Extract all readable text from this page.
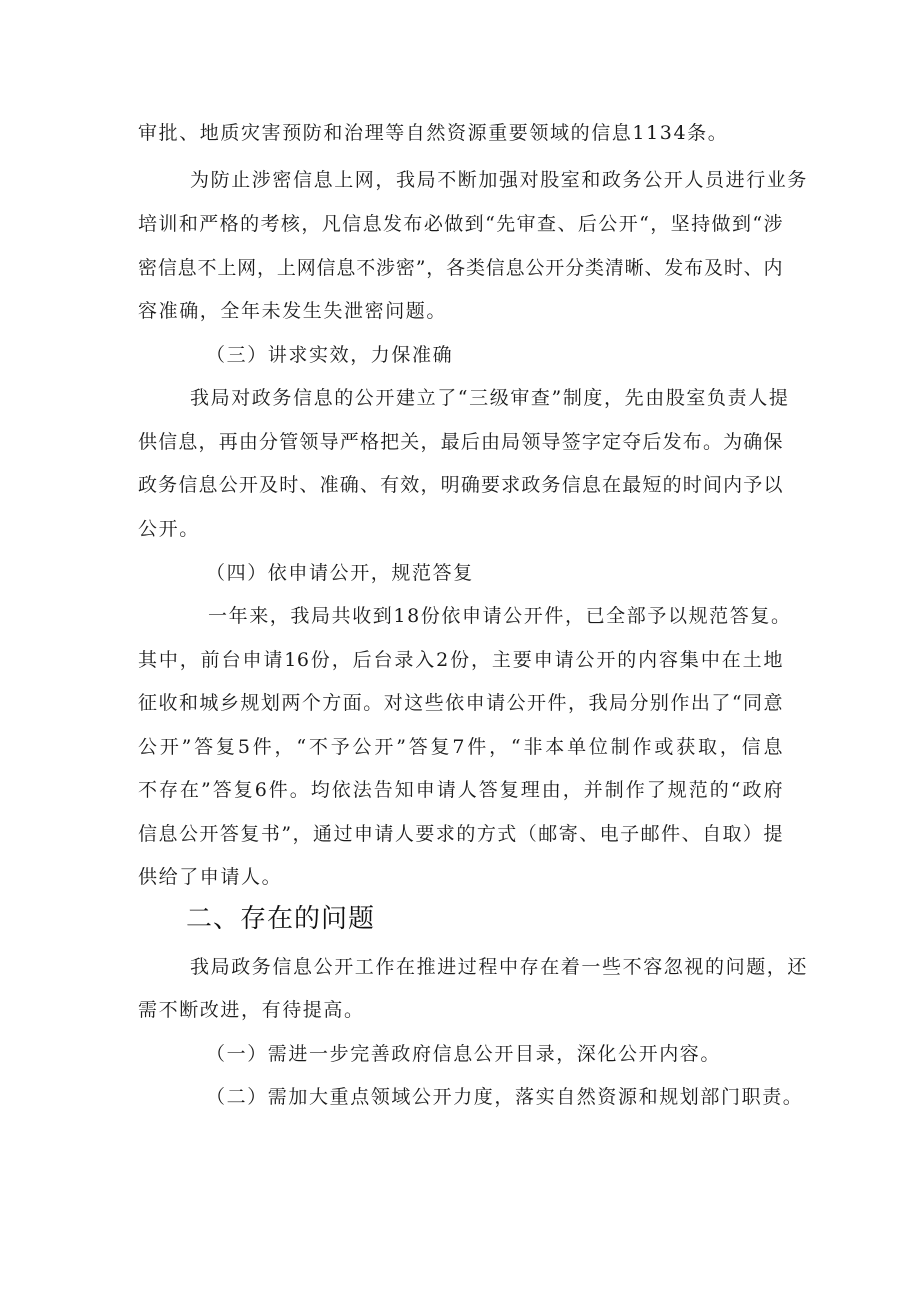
审批、地质灾害预防和治理等自然资源重要领域的信息1134条。
为防止涉密信息上网，我局不断加强对股室和政务公开人员进行业务
培训和严格的考核，凡信息发布必做到“先审查、后公开“，坚持做到“涉
密信息不上网，上网信息不涉密”，各类信息公开分类清晰、发布及时、内
容准确，全年未发生失泄密问题。
（三）讲求实效，力保准确
我局对政务信息的公开建立了“三级审查”制度，先由股室负责人提
供信息，再由分管领导严格把关，最后由局领导签字定夺后发布。为确保
政务信息公开及时、准确、有效，明确要求政务信息在最短的时间内予以
公开。
（四）依申请公开，规范答复
一年来，我局共收到18份依申请公开件，已全部予以规范答复。
其中，前台申请16份，后台录入2份，主要申请公开的内容集中在土地
征收和城乡规划两个方面。对这些依申请公开件，我局分别作出了“同意
公开”答复5件，“不予公开”答复7件，“非本单位制作或获取，信息
不存在”答复6件。均依法告知申请人答复理由，并制作了规范的“政府
信息公开答复书”，通过申请人要求的方式（邮寄、电子邮件、自取）提
供给了申请人。
二、存在的问题
我局政务信息公开工作在推进过程中存在着一些不容忽视的问题，还
需不断改进，有待提高。
（一）需进一步完善政府信息公开目录，深化公开内容。
（二）需加大重点领域公开力度，落实自然资源和规划部门职责。
